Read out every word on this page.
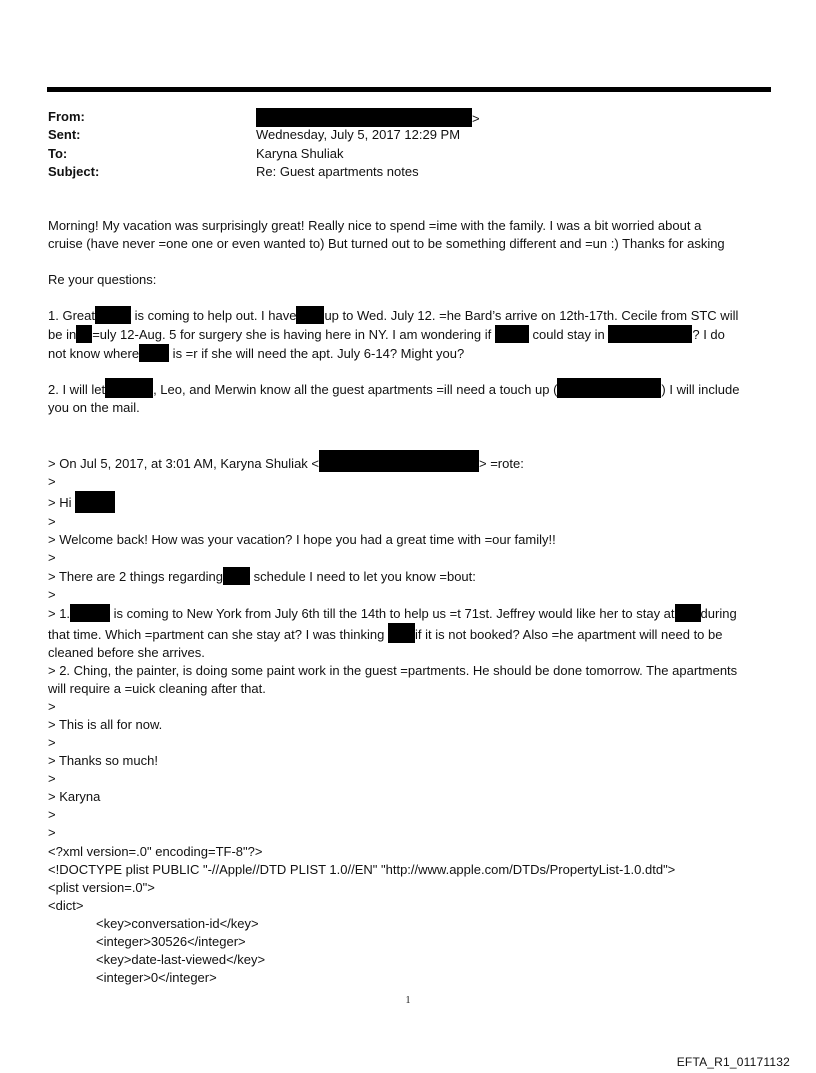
From:	>
Sent:	Wednesday, July 5, 2017 12:29 PM
To:	Karyna Shuliak
Subject:	Re: Guest apartments notes
Morning! My vacation was surprisingly great! Really nice to spend =ime with the family. I was a bit worried about a
cruise (have never =one one or even wanted to) But turned out to be something different and =un :) Thanks for asking
Re your questions:
1. Great	is coming to help out. I have up to Wed. July 12. =he Bard’s arrive on 12th-17th. Cecile from STC will
be in =uly 12-Aug. 5 for surgery she is having here in NY. I am wondering if	could stay in	? I do
not know where is =r if she will need the apt. July 6-14? Might you?
2. I will let	, Leo, and Merwin know all the guest apartments =ill need a touch up (	) I will include
you on the mail.
> On Jul 5, 2017, at 3:01 AM, Karyna Shuliak <	> =rote:
>
> Hi
>
> Welcome back! How was your vacation? I hope you had a great time with =our family!!
>
> There are 2 things regarding schedule I need to let you know =bout:
>
> 1.	is coming to New York from July 6th till the 14th to help us =t 71st. Jeffrey would like her to stay at during
that time. Which =partment can she stay at? I was thinking if it is not booked? Also =he apartment will need to be
cleaned before she arrives.
> 2. Ching, the painter, is doing some paint work in the guest =partments. He should be done tomorrow. The apartments
will require a =uick cleaning after that.
>
> This is all for now.
>
> Thanks so much!
>
> Karyna
>
>
<?xml version=.0" encoding=TF-8"?>
<!DOCTYPE plist PUBLIC "-//Apple//DTD PLIST 1.0//EN" "http://www.apple.com/DTDs/PropertyList-1.0.dtd">
<plist version=.0">
<dict>
<key>conversation-id</key>
<integer>30526</integer>
<key>date-last-viewed</key>
<integer>0</integer>
1
EFTA_R1_01171132
